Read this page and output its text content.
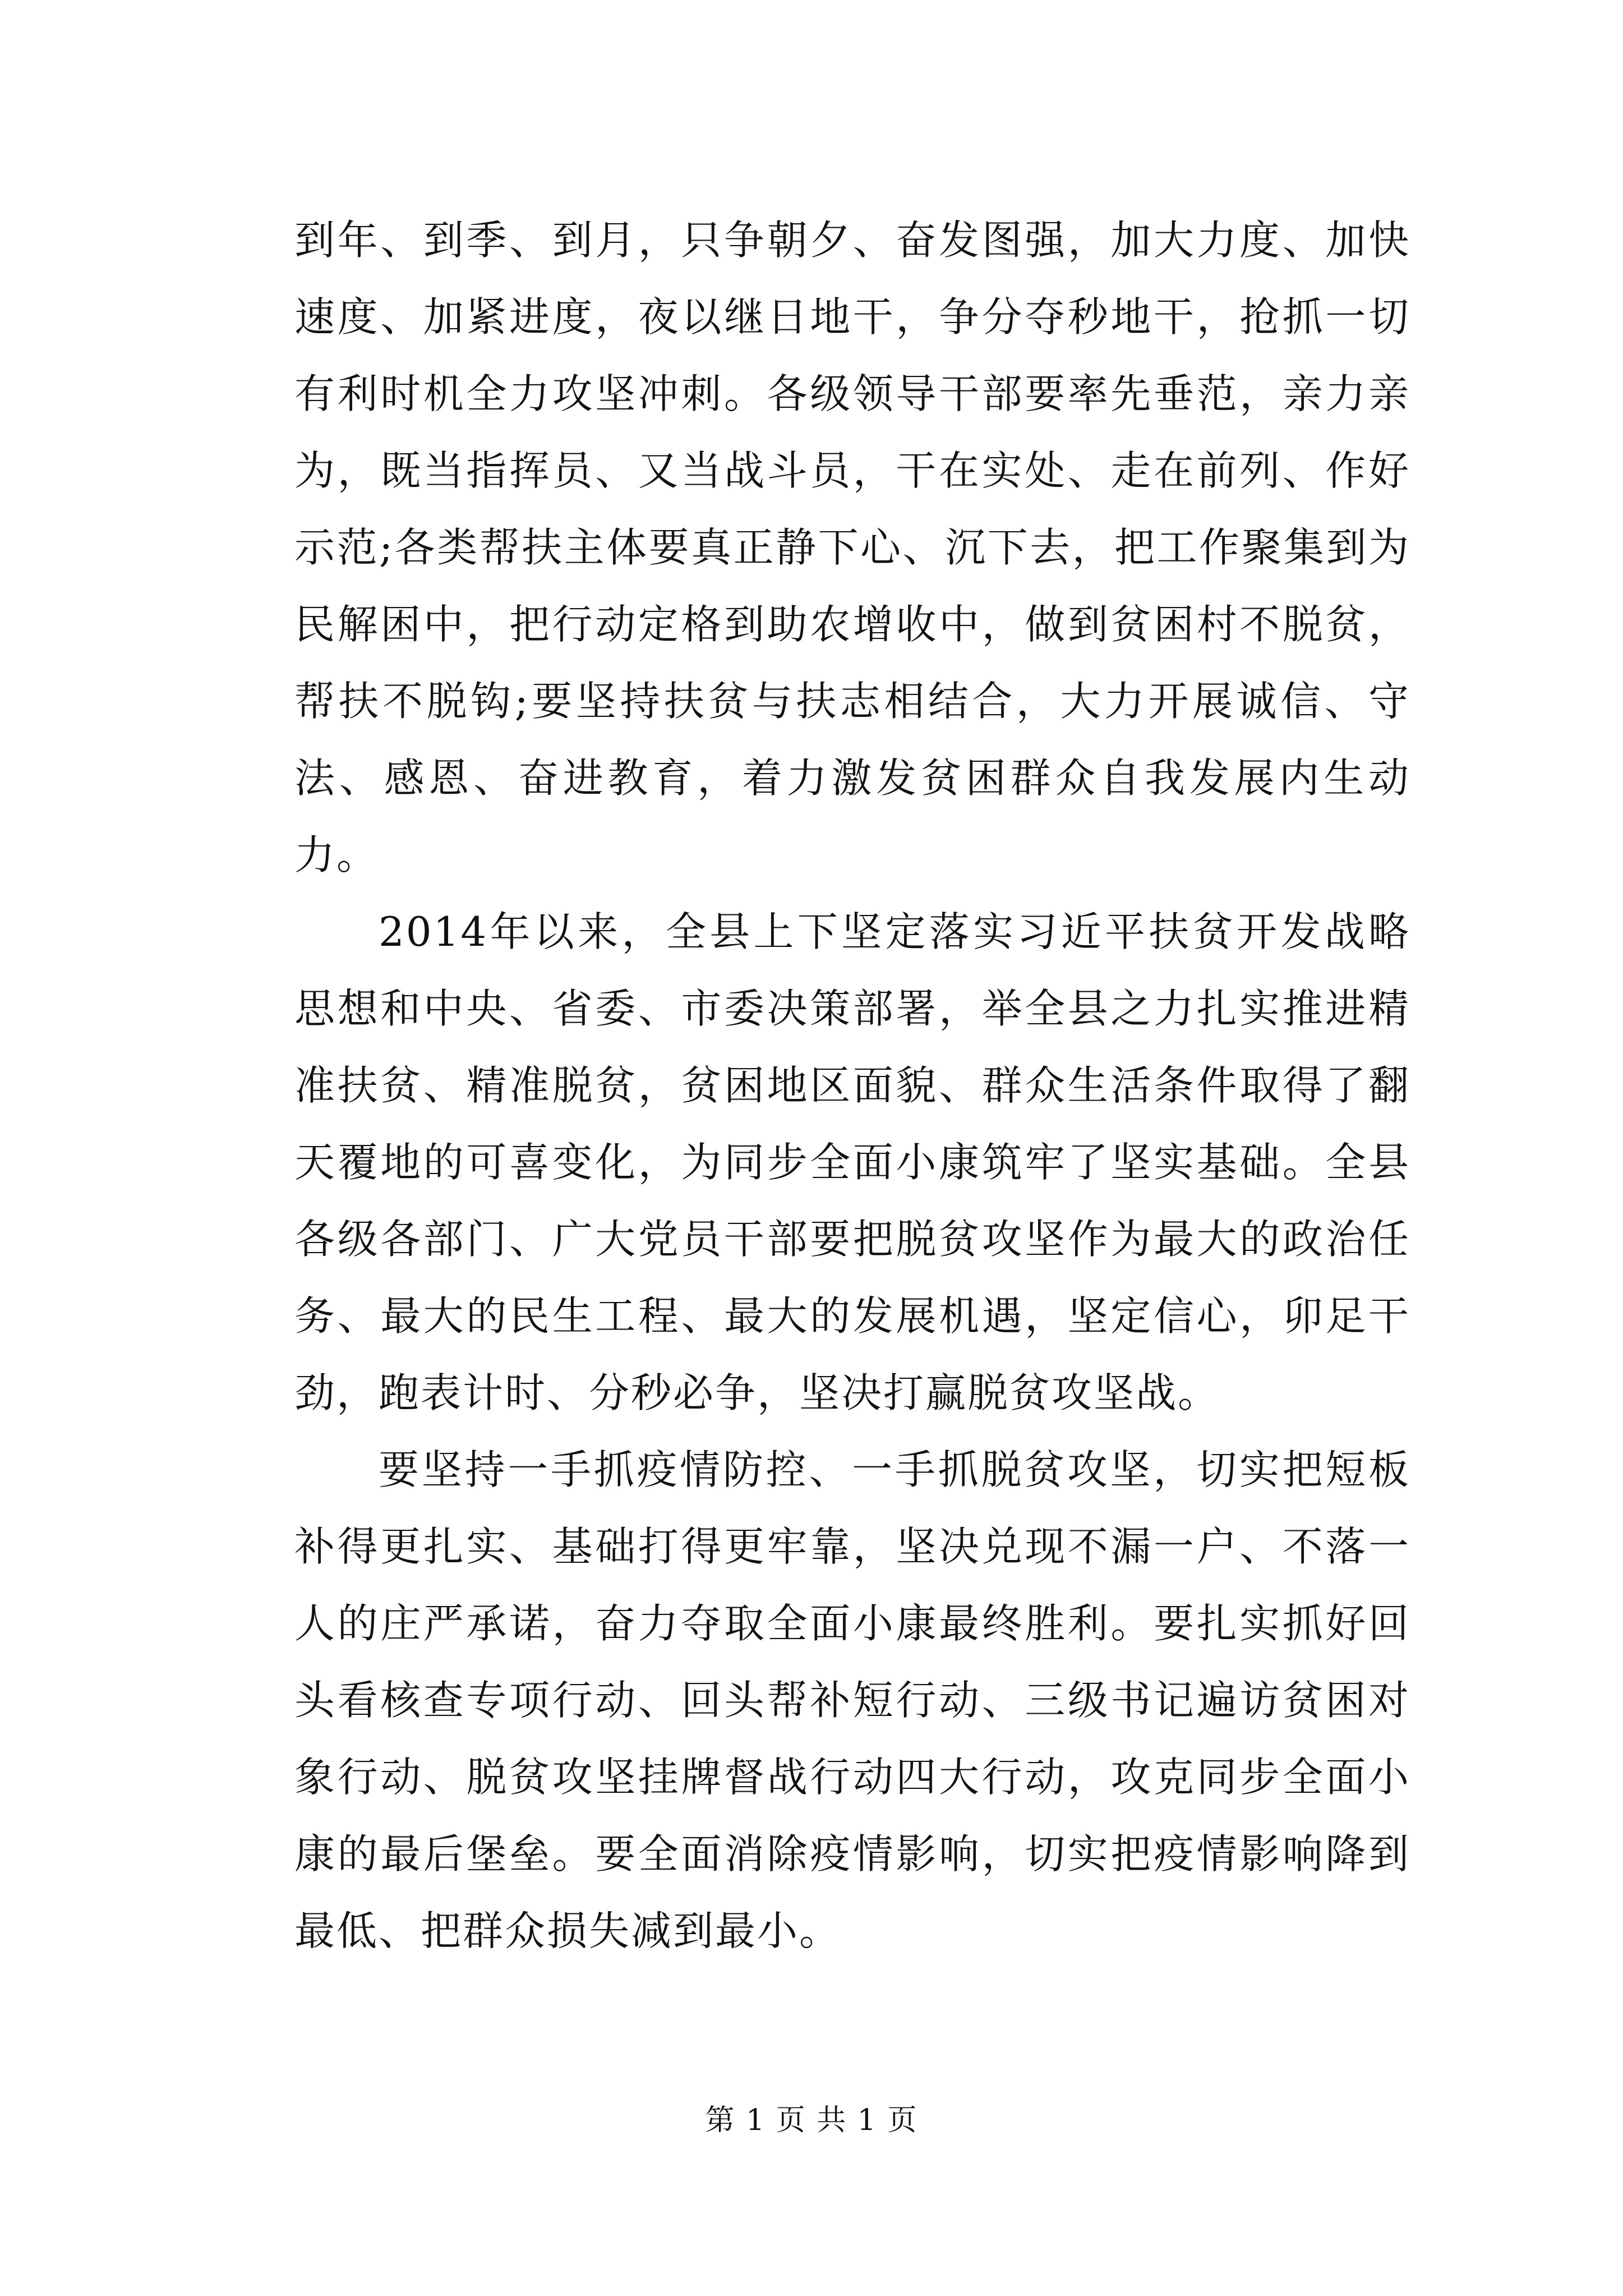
到年、到季、到月，只争朝夕、奋发图强，加大力度、加快速度、加紧进度，夜以继日地干，争分夺秒地干，抢抓一切有利时机全力攻坚冲刺。各级领导干部要率先垂范，亲力亲为，既当指挥员、又当战斗员，干在实处、走在前列、作好示范;各类帮扶主体要真正静下心、沉下去，把工作聚集到为民解困中，把行动定格到助农增收中，做到贫困村不脱贫，帮扶不脱钩;要坚持扶贫与扶志相结合，大力开展诚信、守法、感恩、奋进教育，着力激发贫困群众自我发展内生动力。

2014年以来，全县上下坚定落实习近平扶贫开发战略思想和中央、省委、市委决策部署，举全县之力扎实推进精准扶贫、精准脱贫，贫困地区面貌、群众生活条件取得了翻天覆地的可喜变化，为同步全面小康筑牢了坚实基础。全县各级各部门、广大党员干部要把脱贫攻坚作为最大的政治任务、最大的民生工程、最大的发展机遇，坚定信心，卯足干劲，跑表计时、分秒必争，坚决打赢脱贫攻坚战。

要坚持一手抓疫情防控、一手抓脱贫攻坚，切实把短板补得更扎实、基础打得更牢靠，坚决兑现不漏一户、不落一人的庄严承诺，奋力夺取全面小康最终胜利。要扎实抓好回头看核查专项行动、回头帮补短行动、三级书记遍访贫困对象行动、脱贫攻坚挂牌督战行动四大行动，攻克同步全面小康的最后堡垒。要全面消除疫情影响，切实把疫情影响降到最低、把群众损失减到最小。

第 1 页 共 1 页
